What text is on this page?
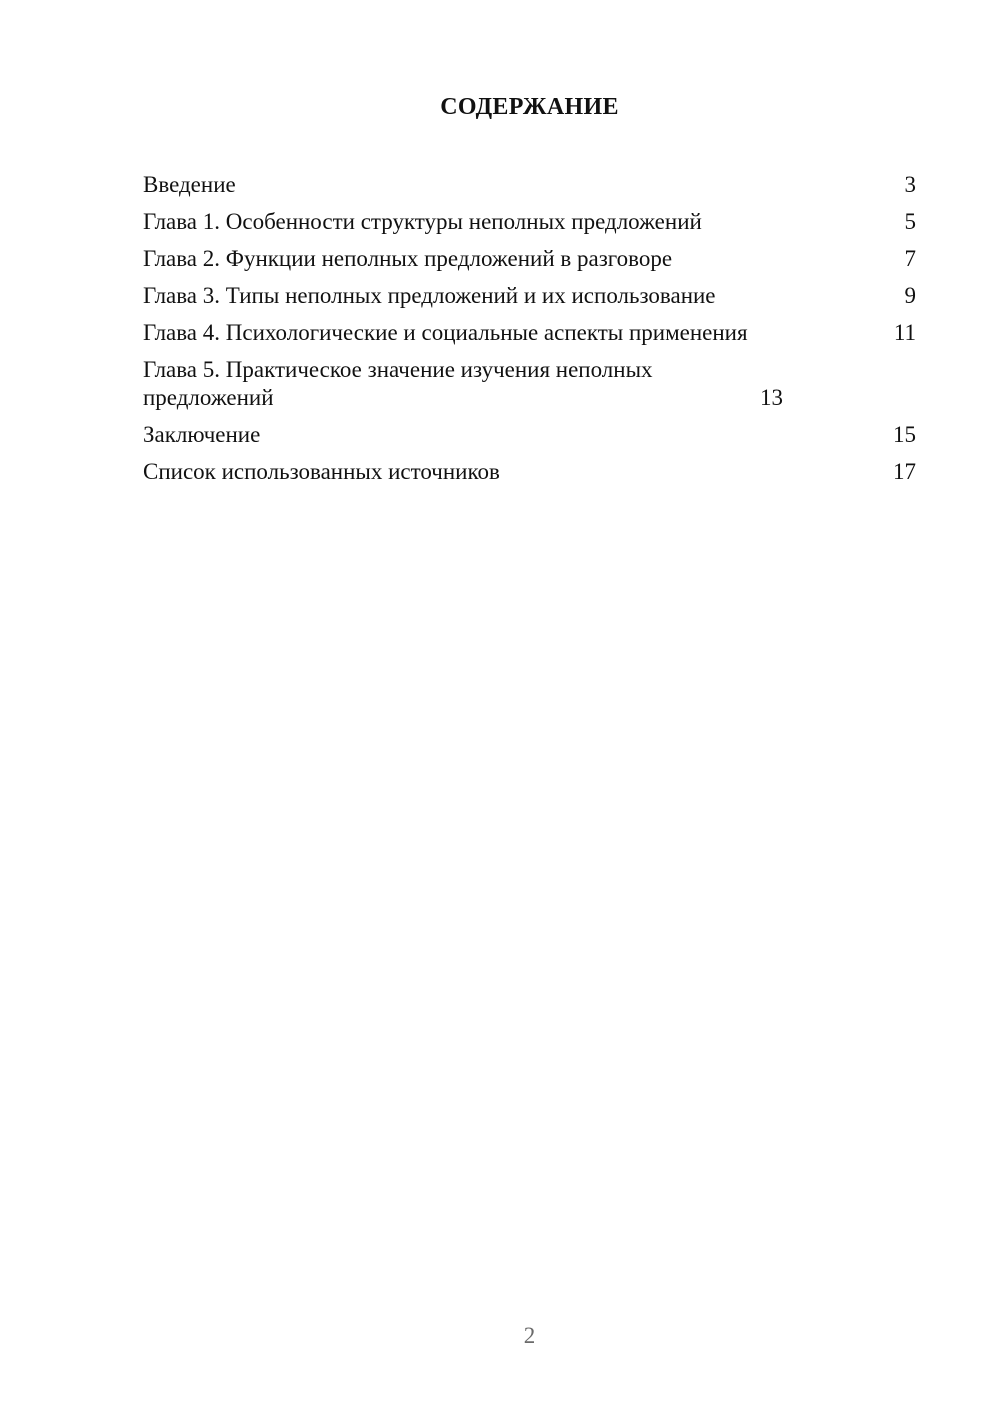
СОДЕРЖАНИЕ
Введение	3
Глава 1. Особенности структуры неполных предложений	5
Глава 2. Функции неполных предложений в разговоре	7
Глава 3. Типы неполных предложений и их использование	9
Глава 4. Психологические и социальные аспекты применения	11
Глава 5. Практическое значение изучения неполных предложений	13
Заключение	15
Список использованных источников	17
2
